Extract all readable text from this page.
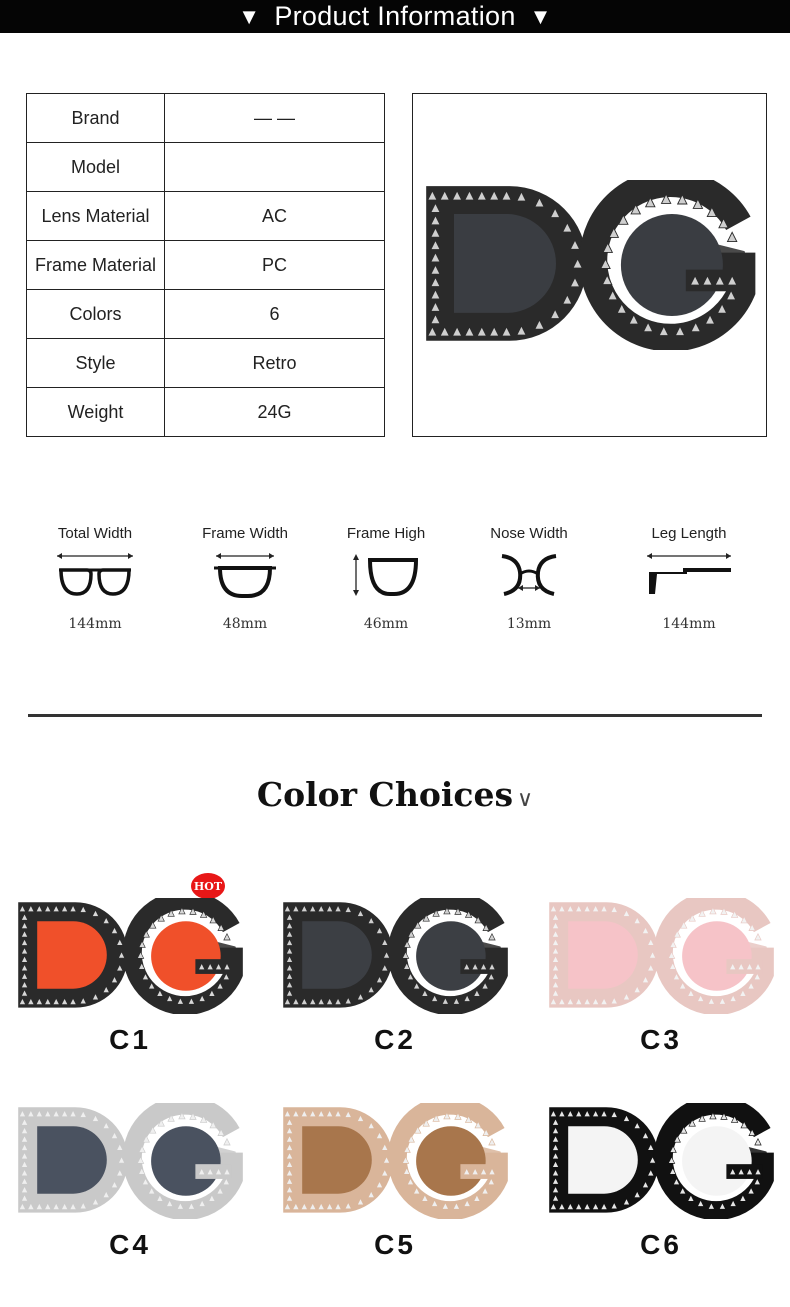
▼ Product Information ▼
Brand	— —
Model	
Lens Material	AC
Frame Material	PC
Colors	6
Style	Retro
Weight	24G
Total Width
144mm
Frame Width
48mm
Frame High
46mm
Nose Width
13mm
Leg Length
144mm
Color Choices ∨
HOT
C1	C2	C3
C4	C5	C6
